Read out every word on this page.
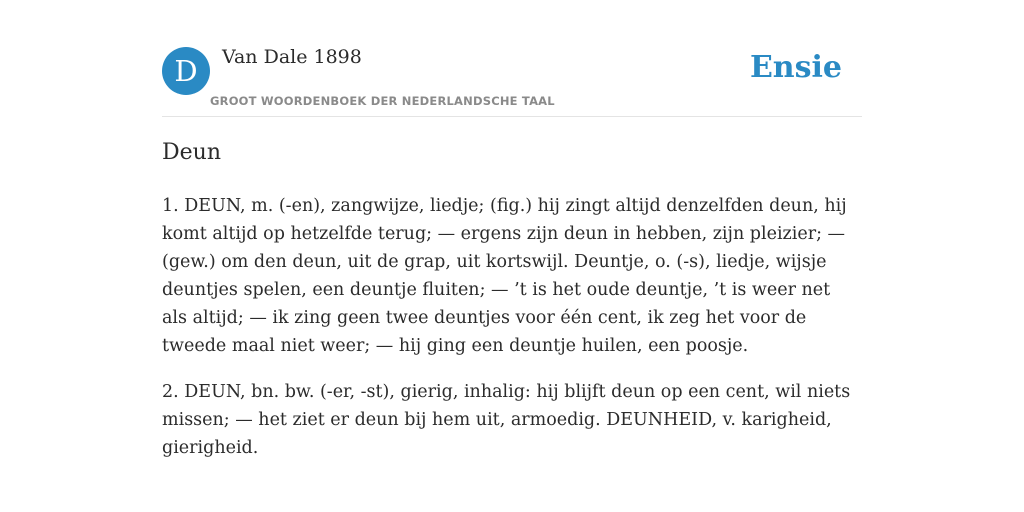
D	Van Dale 1898
GROOT WOORDENBOEK DER NEDERLANDSCHE TAAL
Ensie
Deun

1. DEUN, m. (-en), zangwijze, liedje; (fig.) hij zingt altijd denzelfden deun, hij komt altijd op hetzelfde terug; — ergens zijn deun in hebben, zijn pleizier; — (gew.) om den deun, uit de grap, uit kortswijl. Deuntje, o. (-s), liedje, wijsje deuntjes spelen, een deuntje fluiten; — ’t is het oude deuntje, ’t is weer net als altijd; — ik zing geen twee deuntjes voor één cent, ik zeg het voor de tweede maal niet weer; — hij ging een deuntje huilen, een poosje.

2. DEUN, bn. bw. (-er, -st), gierig, inhalig: hij blijft deun op een cent, wil niets missen; — het ziet er deun bij hem uit, armoedig. DEUNHEID, v. karigheid, gierigheid.
